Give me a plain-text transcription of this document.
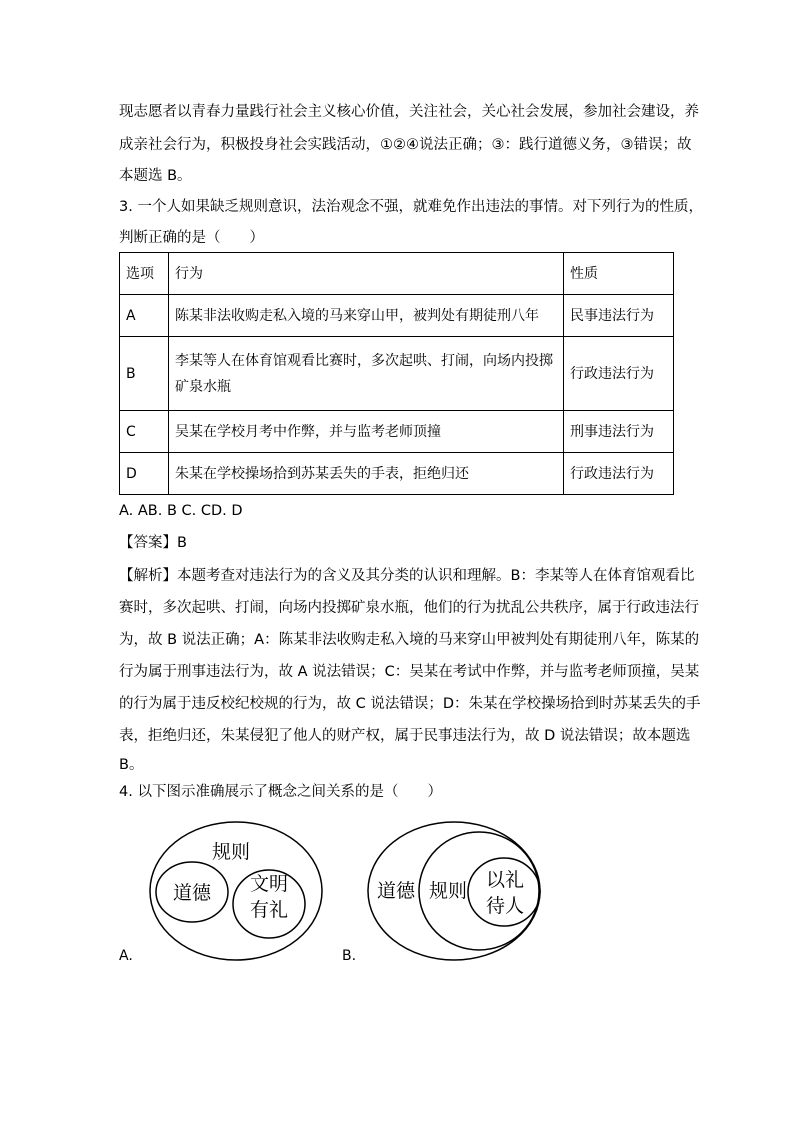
现志愿者以青春力量践行社会主义核心价值，关注社会，关心社会发展，参加社会建设，养
成亲社会行为，积极投身社会实践活动，①②④说法正确；③：践行道德义务，③错误；故
本题选 B。
3. 一个人如果缺乏规则意识，法治观念不强，就难免作出违法的事情。对下列行为的性质，
判断正确的是（　　）
选项	行为	性质
A	陈某非法收购走私入境的马来穿山甲，被判处有期徒刑八年	民事违法行为
B	李某等人在体育馆观看比赛时，多次起哄、打闹，向场内投掷矿泉水瓶	行政违法行为
C	吴某在学校月考中作弊，并与监考老师顶撞	刑事违法行为
D	朱某在学校操场拾到苏某丢失的手表，拒绝归还	行政违法行为
A. AB. B C. CD. D
【答案】B
【解析】本题考查对违法行为的含义及其分类的认识和理解。B：李某等人在体育馆观看比
赛时，多次起哄、打闹，向场内投掷矿泉水瓶，他们的行为扰乱公共秩序，属于行政违法行
为，故 B 说法正确；A：陈某非法收购走私入境的马来穿山甲被判处有期徒刑八年，陈某的
行为属于刑事违法行为，故 A 说法错误；C：吴某在考试中作弊，并与监考老师顶撞，吴某
的行为属于违反校纪校规的行为，故 C 说法错误；D：朱某在学校操场拾到时苏某丢失的手
表，拒绝归还，朱某侵犯了他人的财产权，属于民事违法行为，故 D 说法错误；故本题选
B。
4. 以下图示准确展示了概念之间关系的是（　　）
规则
道德 文明
有礼
A.
道德 规则 以礼
待人
B.
